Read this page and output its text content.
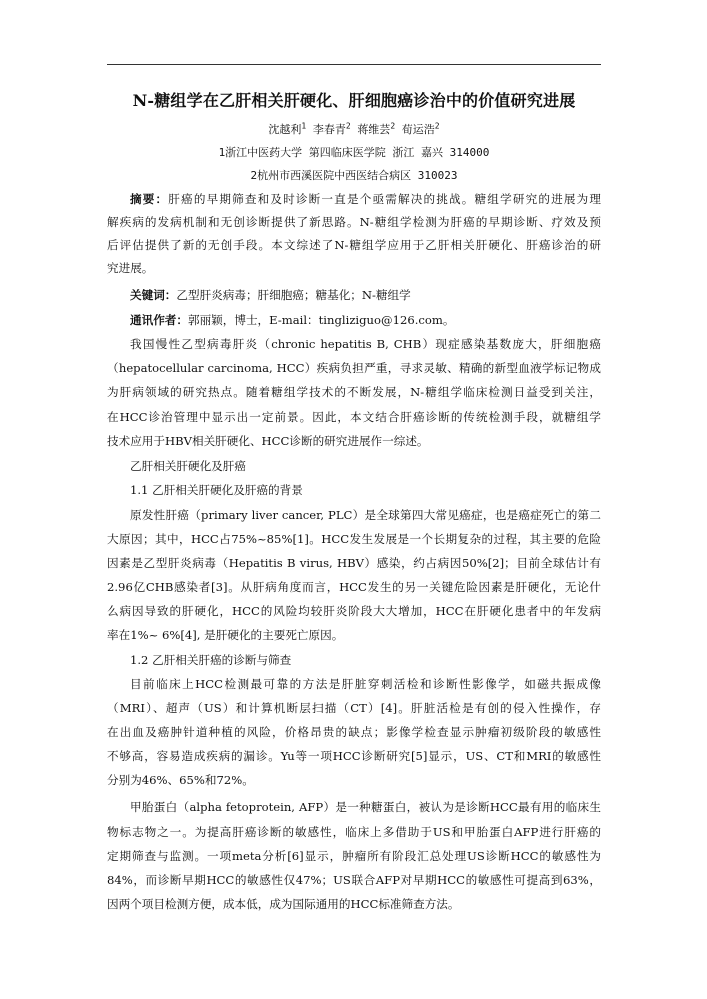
N-糖组学在乙肝相关肝硬化、肝细胞癌诊治中的价值研究进展
沈越利$^1$ 李春青$^2$ 蒋维芸$^2$ 荀运浩$^2$
1浙江中医药大学 第四临床医学院 浙江 嘉兴 314000
2杭州市西溪医院中西医结合病区 310023
摘要：肝癌的早期筛查和及时诊断一直是个亟需解决的挑战。糖组学研究的进展为理
解疾病的发病机制和无创诊断提供了新思路。N-糖组学检测为肝癌的早期诊断、疗效及预
后评估提供了新的无创手段。本文综述了N-糖组学应用于乙肝相关肝硬化、肝癌诊治的研
究进展。
关键词：乙型肝炎病毒；肝细胞癌；糖基化；N-糖组学
通讯作者：郭丽颖，博士，E-mail：tingliziguo@126.com。
我国慢性乙型病毒肝炎（chronic hepatitis B, CHB）现症感染基数庞大，肝细胞癌
（hepatocellular carcinoma, HCC）疾病负担严重，寻求灵敏、精确的新型血液学标记物成
为肝病领域的研究热点。随着糖组学技术的不断发展，N-糖组学临床检测日益受到关注，
在HCC诊治管理中显示出一定前景。因此，本文结合肝癌诊断的传统检测手段，就糖组学
技术应用于HBV相关肝硬化、HCC诊断的研究进展作一综述。
乙肝相关肝硬化及肝癌
1.1 乙肝相关肝硬化及肝癌的背景
原发性肝癌（primary liver cancer, PLC）是全球第四大常见癌症，也是癌症死亡的第二
大原因；其中，HCC占75%~85%[1]。HCC发生发展是一个长期复杂的过程，其主要的危险
因素是乙型肝炎病毒（Hepatitis B virus, HBV）感染，约占病因50%[2]；目前全球估计有
2.96亿CHB感染者[3]。从肝病角度而言，HCC发生的另一关键危险因素是肝硬化，无论什
么病因导致的肝硬化，HCC的风险均较肝炎阶段大大增加，HCC在肝硬化患者中的年发病
率在1%~ 6%[4], 是肝硬化的主要死亡原因。
1.2 乙肝相关肝癌的诊断与筛查
目前临床上HCC检测最可靠的方法是肝脏穿刺活检和诊断性影像学，如磁共振成像
（MRI）、超声（US）和计算机断层扫描（CT）[4]。肝脏活检是有创的侵入性操作，存
在出血及癌肿针道种植的风险，价格昂贵的缺点；影像学检查显示肿瘤初级阶段的敏感性
不够高，容易造成疾病的漏诊。Yu等一项HCC诊断研究[5]显示，US、CT和MRI的敏感性
分别为46%、65%和72%。
甲胎蛋白（alpha fetoprotein, AFP）是一种糖蛋白，被认为是诊断HCC最有用的临床生
物标志物之一。为提高肝癌诊断的敏感性，临床上多借助于US和甲胎蛋白AFP进行肝癌的
定期筛查与监测。一项meta分析[6]显示，肿瘤所有阶段汇总处理US诊断HCC的敏感性为
84%，而诊断早期HCC的敏感性仅47%；US联合AFP对早期HCC的敏感性可提高到63%，
因两个项目检测方便，成本低，成为国际通用的HCC标准筛查方法。
